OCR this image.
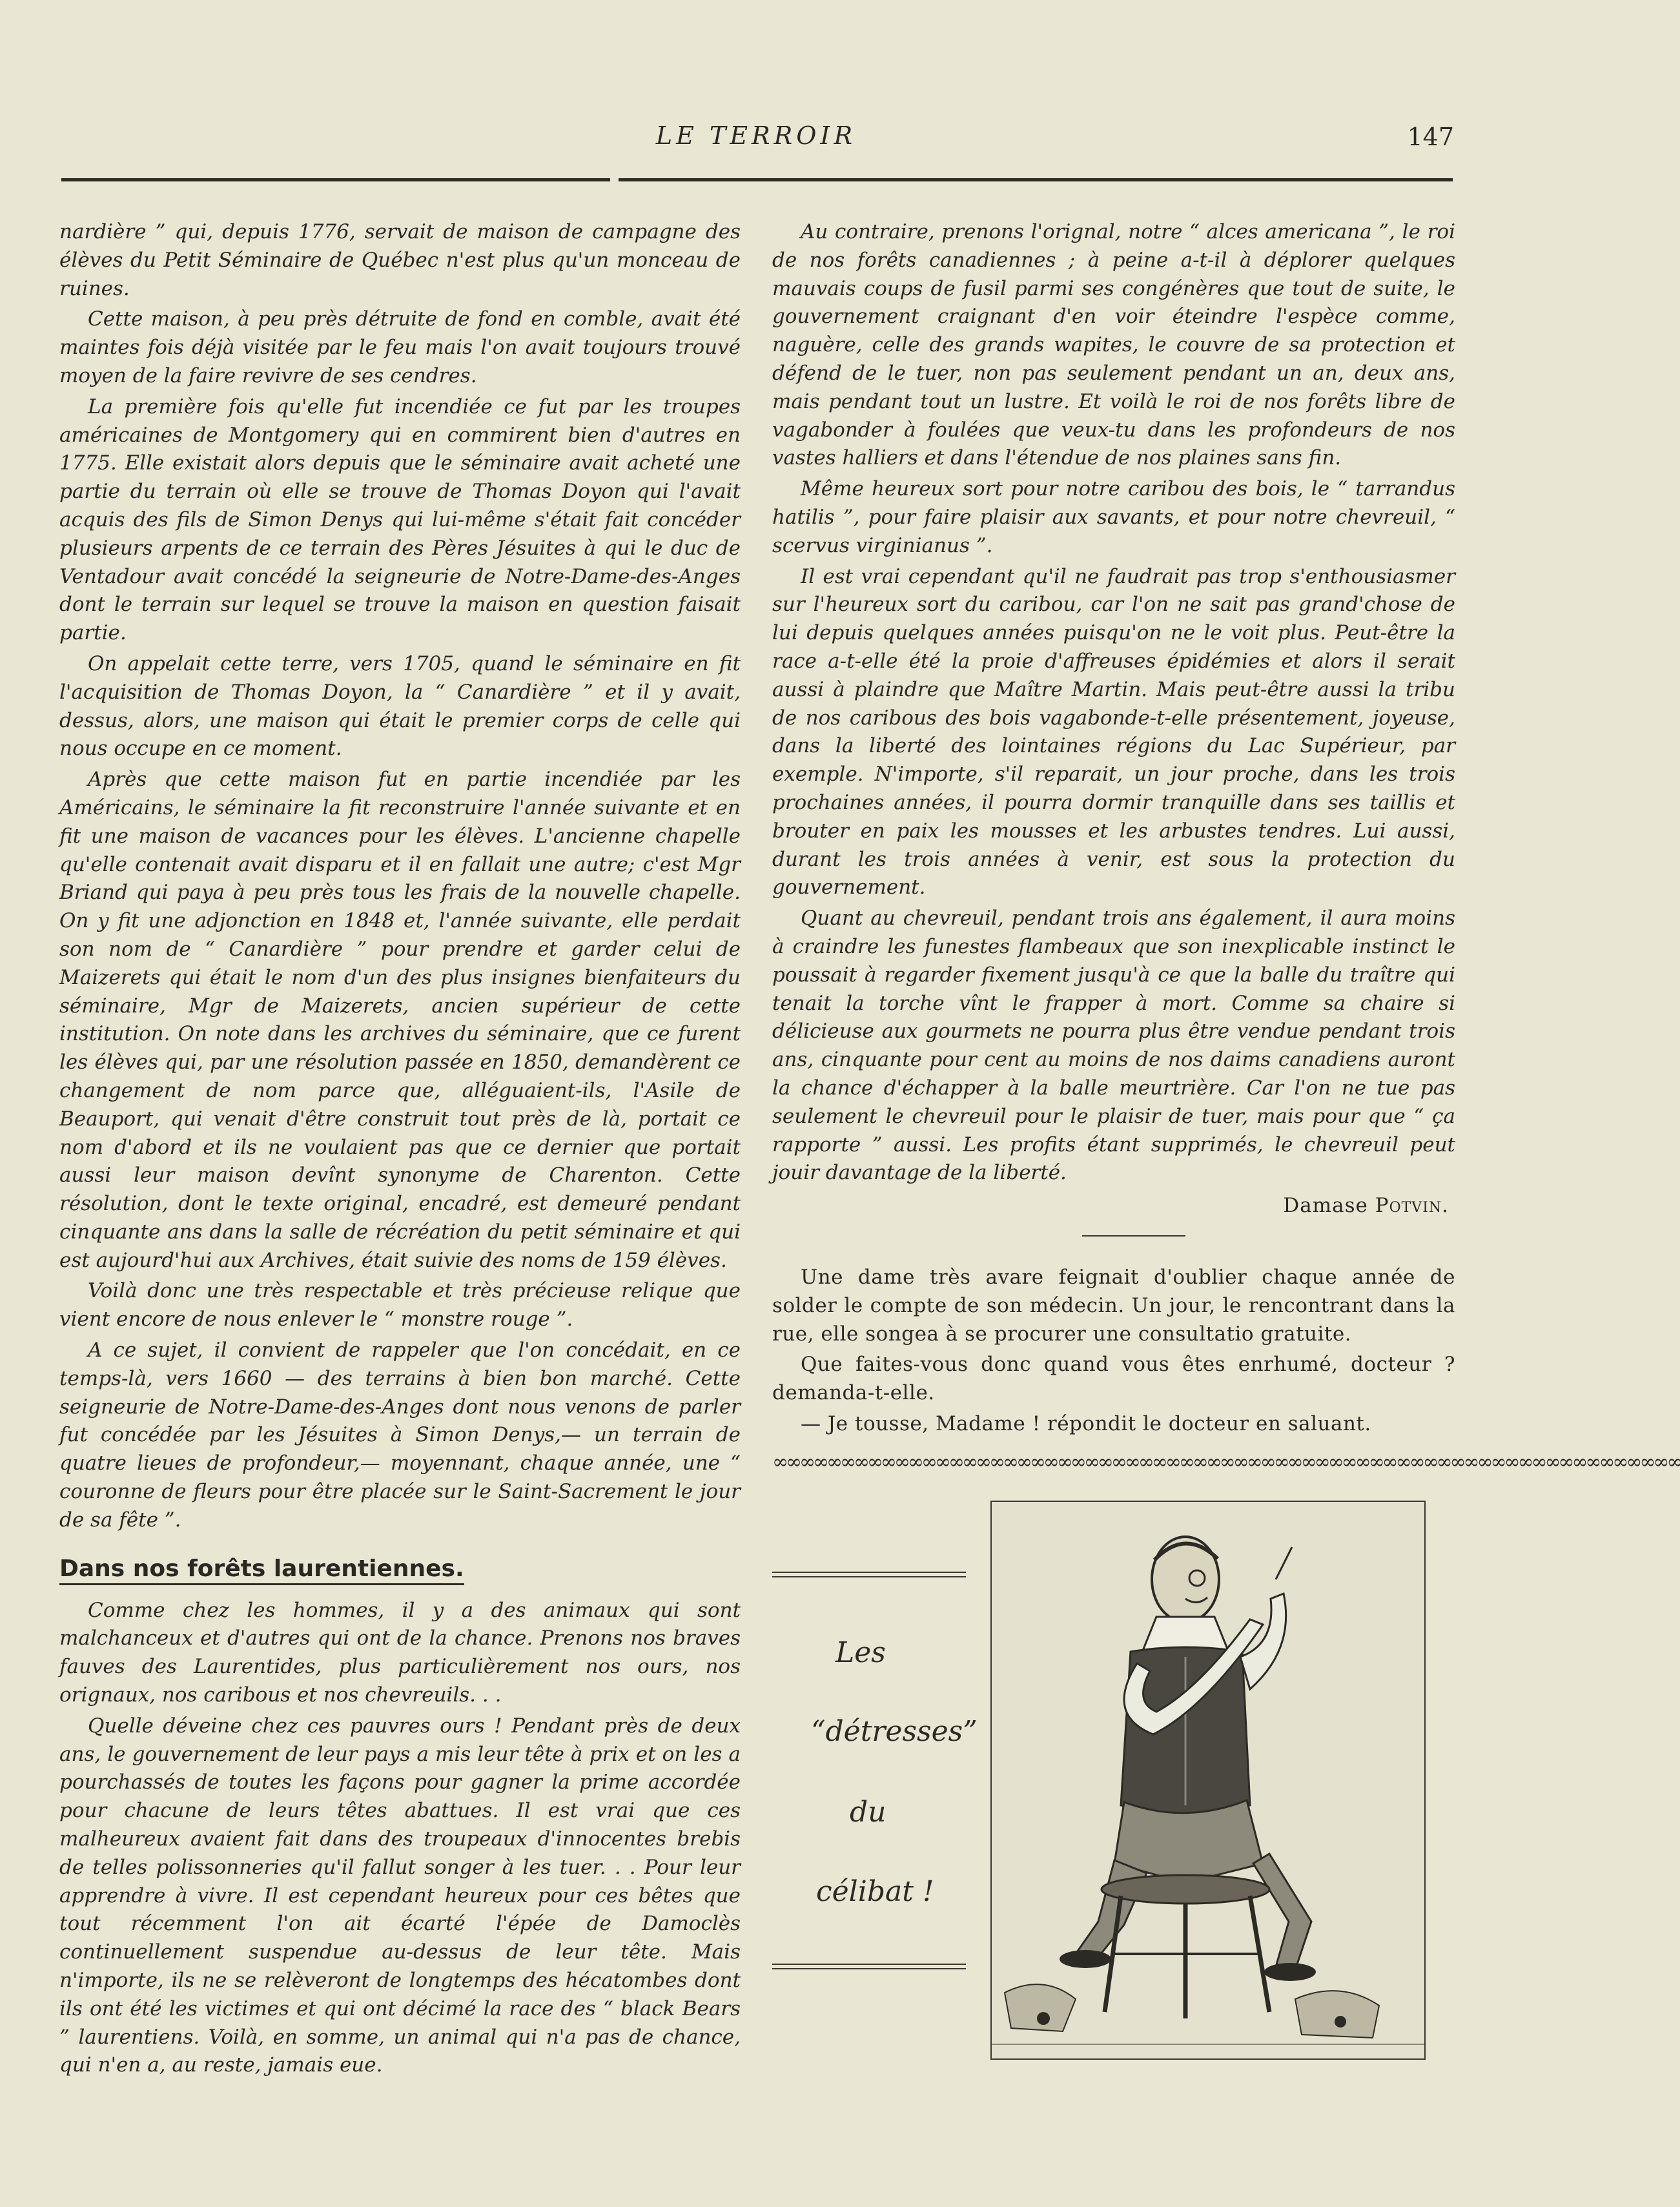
LE TERROIR	147

nardière ” qui, depuis 1776, servait de maison de campagne des élèves du Petit Séminaire de Québec n'est plus qu'un monceau de ruines.

Cette maison, à peu près détruite de fond en comble, avait été maintes fois déjà visitée par le feu mais l'on avait toujours trouvé moyen de la faire revivre de ses cendres.

La première fois qu'elle fut incendiée ce fut par les troupes américaines de Montgomery qui en commirent bien d'autres en 1775. Elle existait alors depuis que le séminaire avait acheté une partie du terrain où elle se trouve de Thomas Doyon qui l'avait acquis des fils de Simon Denys qui lui-même s'était fait concéder plusieurs arpents de ce terrain des Pères Jésuites à qui le duc de Ventadour avait concédé la seigneurie de Notre-Dame-des-Anges dont le terrain sur lequel se trouve la maison en question faisait partie.

On appelait cette terre, vers 1705, quand le séminaire en fit l'acquisition de Thomas Doyon, la “ Canardière ” et il y avait, dessus, alors, une maison qui était le premier corps de celle qui nous occupe en ce moment.

Après que cette maison fut en partie incendiée par les Américains, le séminaire la fit reconstruire l'année suivante et en fit une maison de vacances pour les élèves. L'ancienne chapelle qu'elle contenait avait disparu et il en fallait une autre; c'est Mgr Briand qui paya à peu près tous les frais de la nouvelle chapelle. On y fit une adjonction en 1848 et, l'année suivante, elle perdait son nom de “ Canardière ” pour prendre et garder celui de Maizerets qui était le nom d'un des plus insignes bienfaiteurs du séminaire, Mgr de Maizerets, ancien supérieur de cette institution. On note dans les archives du séminaire, que ce furent les élèves qui, par une résolution passée en 1850, demandèrent ce changement de nom parce que, alléguaient-ils, l'Asile de Beauport, qui venait d'être construit tout près de là, portait ce nom d'abord et ils ne voulaient pas que ce dernier que portait aussi leur maison devînt synonyme de Charenton. Cette résolution, dont le texte original, encadré, est demeuré pendant cinquante ans dans la salle de récréation du petit séminaire et qui est aujourd'hui aux Archives, était suivie des noms de 159 élèves.

Voilà donc une très respectable et très précieuse relique que vient encore de nous enlever le “ monstre rouge ”.

A ce sujet, il convient de rappeler que l'on concédait, en ce temps-là, vers 1660 — des terrains à bien bon marché. Cette seigneurie de Notre-Dame-des-Anges dont nous venons de parler fut concédée par les Jésuites à Simon Denys,— un terrain de quatre lieues de profondeur,— moyennant, chaque année, une “ couronne de fleurs pour être placée sur le Saint-Sacrement le jour de sa fête ”.

Dans nos forêts laurentiennes.

Comme chez les hommes, il y a des animaux qui sont malchanceux et d'autres qui ont de la chance. Prenons nos braves fauves des Laurentides, plus particulièrement nos ours, nos orignaux, nos caribous et nos chevreuils. . .

Quelle déveine chez ces pauvres ours ! Pendant près de deux ans, le gouvernement de leur pays a mis leur tête à prix et on les a pourchassés de toutes les façons pour gagner la prime accordée pour chacune de leurs têtes abattues. Il est vrai que ces malheureux avaient fait dans des troupeaux d'innocentes brebis de telles polissonneries qu'il fallut songer à les tuer. . . Pour leur apprendre à vivre. Il est cependant heureux pour ces bêtes que tout récemment l'on ait écarté l'épée de Damoclès continuellement suspendue au-dessus de leur tête. Mais n'importe, ils ne se relèveront de longtemps des hécatombes dont ils ont été les victimes et qui ont décimé la race des “ black Bears ” laurentiens. Voilà, en somme, un animal qui n'a pas de chance, qui n'en a, au reste, jamais eue.

Au contraire, prenons l'orignal, notre “ alces americana ”, le roi de nos forêts canadiennes ; à peine a-t-il à déplorer quelques mauvais coups de fusil parmi ses congénères que tout de suite, le gouvernement craignant d'en voir éteindre l'espèce comme, naguère, celle des grands wapites, le couvre de sa protection et défend de le tuer, non pas seulement pendant un an, deux ans, mais pendant tout un lustre. Et voilà le roi de nos forêts libre de vagabonder à foulées que veux-tu dans les profondeurs de nos vastes halliers et dans l'étendue de nos plaines sans fin.

Même heureux sort pour notre caribou des bois, le “ tarrandus hatilis ”, pour faire plaisir aux savants, et pour notre chevreuil, “ scervus virginianus ”.

Il est vrai cependant qu'il ne faudrait pas trop s'enthousiasmer sur l'heureux sort du caribou, car l'on ne sait pas grand'chose de lui depuis quelques années puisqu'on ne le voit plus. Peut-être la race a-t-elle été la proie d'affreuses épidémies et alors il serait aussi à plaindre que Maître Martin. Mais peut-être aussi la tribu de nos caribous des bois vagabonde-t-elle présentement, joyeuse, dans la liberté des lointaines régions du Lac Supérieur, par exemple. N'importe, s'il reparait, un jour proche, dans les trois prochaines années, il pourra dormir tranquille dans ses taillis et brouter en paix les mousses et les arbustes tendres. Lui aussi, durant les trois années à venir, est sous la protection du gouvernement.

Quant au chevreuil, pendant trois ans également, il aura moins à craindre les funestes flambeaux que son inexplicable instinct le poussait à regarder fixement jusqu'à ce que la balle du traître qui tenait la torche vînt le frapper à mort. Comme sa chaire si délicieuse aux gourmets ne pourra plus être vendue pendant trois ans, cinquante pour cent au moins de nos daims canadiens auront la chance d'échapper à la balle meurtrière. Car l'on ne tue pas seulement le chevreuil pour le plaisir de tuer, mais pour que “ ça rapporte ” aussi. Les profits étant supprimés, le chevreuil peut jouir davantage de la liberté.

Damase Potvin.

Une dame très avare feignait d'oublier chaque année de solder le compte de son médecin. Un jour, le rencontrant dans la rue, elle songea à se procurer une consultatio gratuite.

Que faites-vous donc quand vous êtes enrhumé, docteur ? demanda-t-elle.

— Je tousse, Madame ! répondit le docteur en saluant.

∞∞∞∞∞∞∞∞∞∞∞∞∞∞∞∞∞∞∞∞∞∞∞∞∞∞∞∞∞∞∞∞∞∞∞∞∞∞∞∞∞∞∞∞∞∞∞∞∞∞∞∞∞∞∞∞∞∞∞∞∞∞∞∞∞∞∞
Les
“détresses”
du
célibat !
